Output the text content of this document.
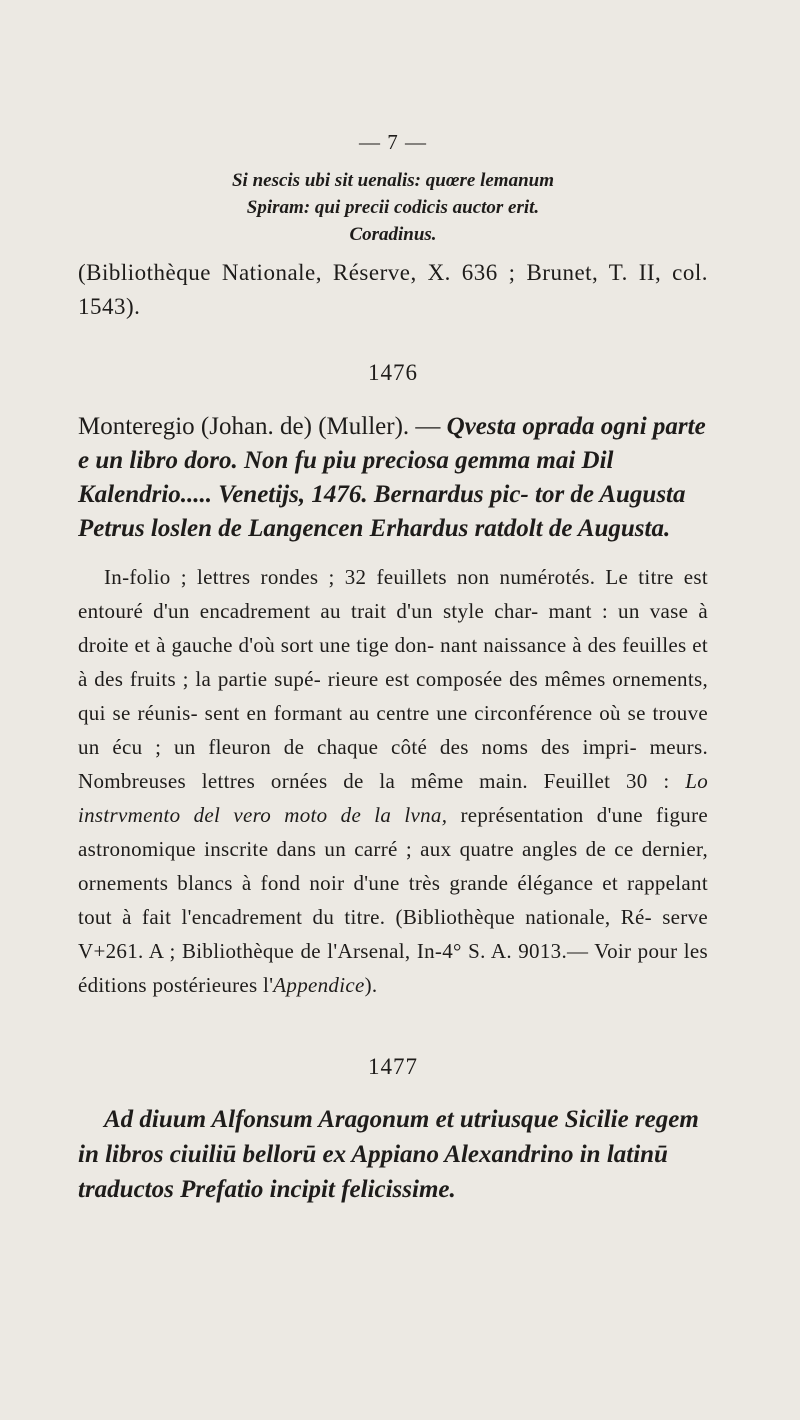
— 7 —
Si nescis ubi sit uenalis: quœre lemanum
Spiram: qui precii codicis auctor erit.
Coradinus.
(Bibliothèque Nationale, Réserve, X. 636 ; Brunet, T. II, col. 1543).
1476
Monteregio (Johan. de) (Muller). — Qvesta oprada ogni parte e un libro doro. Non fu piu preciosa gemma mai Dil Kalendrio..... Venetijs, 1476. Bernardus pic- tor de Augusta Petrus loslen de Langencen Erhardus ratdolt de Augusta.
In-folio ; lettres rondes ; 32 feuillets non numérotés. Le titre est entouré d'un encadrement au trait d'un style char- mant : un vase à droite et à gauche d'où sort une tige don- nant naissance à des feuilles et à des fruits ; la partie supé- rieure est composée des mêmes ornements, qui se réunis- sent en formant au centre une circonférence où se trouve un écu ; un fleuron de chaque côté des noms des impri- meurs. Nombreuses lettres ornées de la même main. Feuillet 30 : Lo instrvmento del vero moto de la lvna, représentation d'une figure astronomique inscrite dans un carré ; aux quatre angles de ce dernier, ornements blancs à fond noir d'une très grande élégance et rappelant tout à fait l'encadrement du titre. (Bibliothèque nationale, Ré- serve V+261. A ; Bibliothèque de l'Arsenal, In-4° S. A. 9013.— Voir pour les éditions postérieures l'Appendice).
1477
Ad diuum Alfonsum Aragonum et utriusque Sicilie regem in libros ciuiliū bellorū ex Appiano Alexandrino in latinū traductos Prefatio incipit felicissime.
